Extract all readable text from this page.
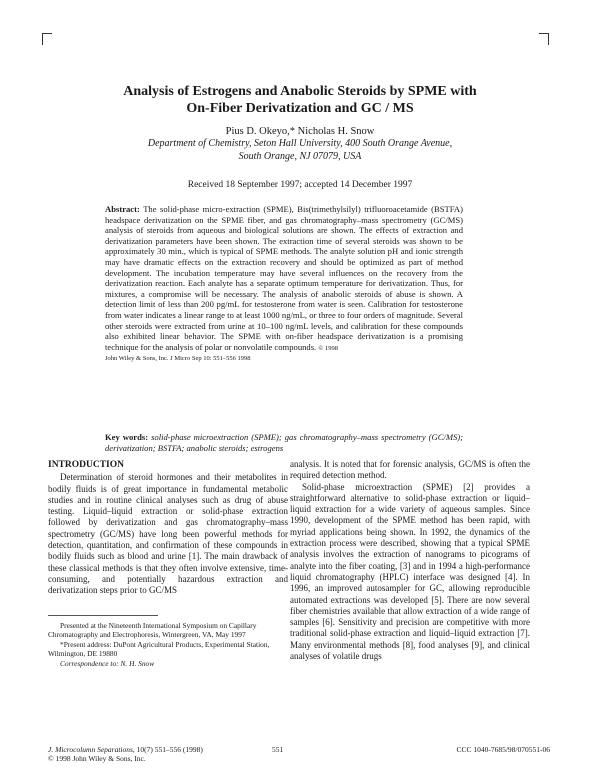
Analysis of Estrogens and Anabolic Steroids by SPME with
On-Fiber Derivatization and GC / MS
Pius D. Okeyo,* Nicholas H. Snow
Department of Chemistry, Seton Hall University, 400 South Orange Avenue,
South Orange, NJ 07079, USA
Received 18 September 1997; accepted 14 December 1997
Abstract: The solid-phase micro-extraction (SPME), Bis(trimethylsilyl) trifluoroacetamide (BSTFA) headspace derivatization on the SPME fiber, and gas chromatography–mass spectrometry (GC/MS) analysis of steroids from aqueous and biological solutions are shown. The effects of extraction and derivatization parameters have been shown. The extraction time of several steroids was shown to be approximately 30 min., which is typical of SPME methods. The analyte solution pH and ionic strength may have dramatic effects on the extraction recovery and should be optimized as part of method development. The incubation temperature may have several influences on the recovery from the derivatization reaction. Each analyte has a separate optimum temperature for derivatization. Thus, for mixtures, a compromise will be necessary. The analysis of anabolic steroids of abuse is shown. A detection limit of less than 200 pg/mL for testosterone from water is seen. Calibration for testosterone from water indicates a linear range to at least 1000 ng/mL, or three to four orders of magnitude. Several other steroids were extracted from urine at 10–100 ng/mL levels, and calibration for these compounds also exhibited linear behavior. The SPME with on-fiber headspace derivatization is a promising technique for the analysis of polar or nonvolatile compounds. © 1998
John Wiley & Sons, Inc. J Micro Sep 10: 551–556 1998
Key words: solid-phase microextraction (SPME); gas chromatography–mass spectrometry (GC/MS); derivatization; BSTFA; anabolic steroids; estrogens
INTRODUCTION

Determination of steroid hormones and their metabolites in bodily fluids is of great importance in fundamental metabolic studies and in routine clinical analyses such as drug of abuse testing. Liquid–liquid extraction or solid-phase extraction followed by derivatization and gas chromatography–mass spectrometry (GC/MS) have long been powerful methods for detection, quantitation, and confirmation of these compounds in bodily fluids such as blood and urine [1]. The main drawback of these classical methods is that they often involve extensive, time-consuming, and potentially hazardous extraction and derivatization steps prior to GC/MS

analysis. It is noted that for forensic analysis, GC/MS is often the required detection method.

Solid-phase microextraction (SPME) [2] provides a straightforward alternative to solid-phase extraction or liquid–liquid extraction for a wide variety of aqueous samples. Since 1990, development of the SPME method has been rapid, with myriad applications being shown. In 1992, the dynamics of the extraction process were described, showing that a typical SPME analysis involves the extraction of nanograms to picograms of analyte into the fiber coating, [3] and in 1994 a high-performance liquid chromatography (HPLC) interface was designed [4]. In 1996, an improved autosampler for GC, allowing reproducible automated extractions was developed [5]. There are now several fiber chemistries available that allow extraction of a wide range of samples [6]. Sensitivity and precision are competitive with more traditional solid-phase extraction and liquid–liquid extraction [7]. Many environmental methods [8], food analyses [9], and clinical analyses of volatile drugs

Presented at the Nineteenth International Symposium on Capillary Chromatography and Electrophoresis, Wintergreen, VA, May 1997
*Present address: DuPont Agricultural Products, Experimental Station, Wilmington, DE 19880
Correspondence to: N. H. Snow
J. Microcolumn Separations, 10(7) 551–556 (1998)
© 1998 John Wiley & Sons, Inc.
551	CCC 1040-7685/98/070551-06
